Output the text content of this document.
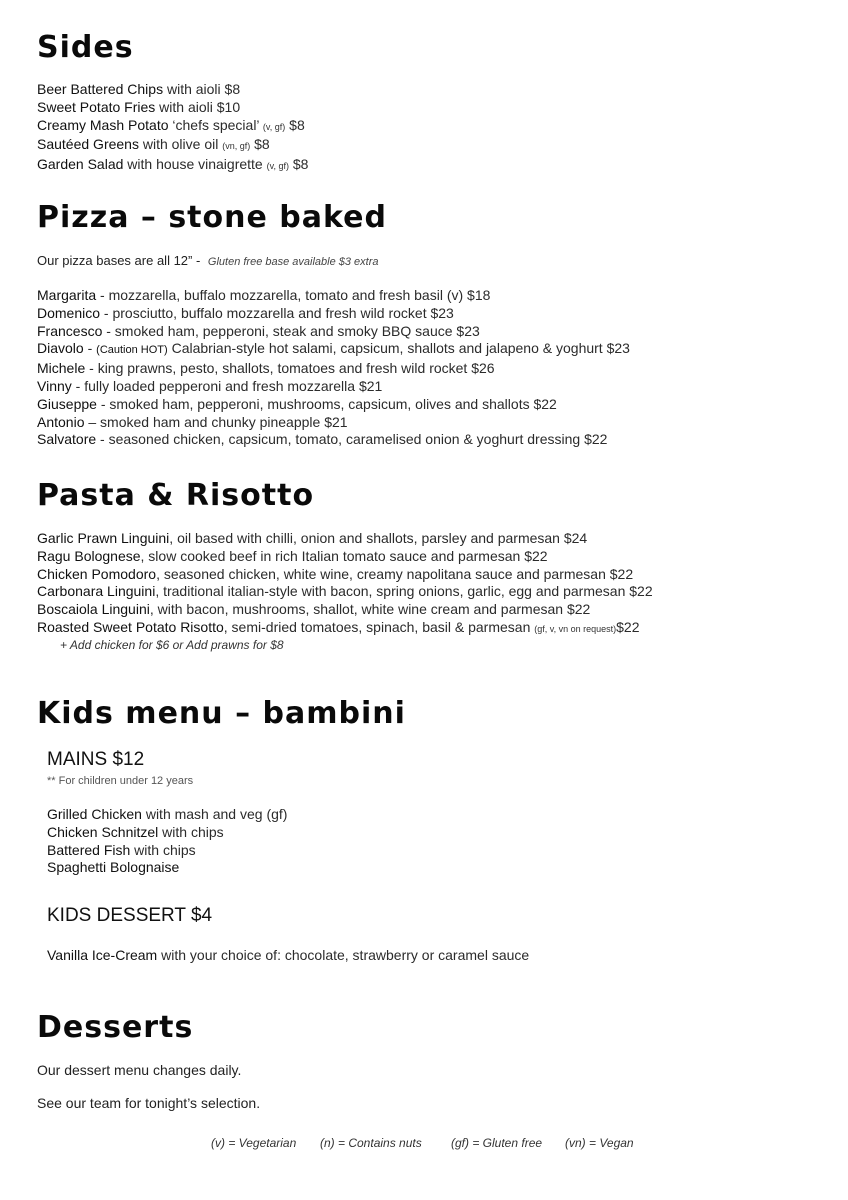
Sides
Beer Battered Chips with aioli $8
Sweet Potato Fries with aioli $10
Creamy Mash Potato ‘chefs special’ (v, gf) $8
Sautéed Greens with olive oil (vn, gf) $8
Garden Salad with house vinaigrette (v, gf) $8
Pizza – stone baked
Our pizza bases are all 12” - Gluten free base available $3 extra
Margarita - mozzarella, buffalo mozzarella, tomato and fresh basil (v) $18
Domenico - prosciutto, buffalo mozzarella and fresh wild rocket $23
Francesco - smoked ham, pepperoni, steak and smoky BBQ sauce $23
Diavolo - (Caution HOT) Calabrian-style hot salami, capsicum, shallots and jalapeno & yoghurt $23
Michele - king prawns, pesto, shallots, tomatoes and fresh wild rocket $26
Vinny - fully loaded pepperoni and fresh mozzarella $21
Giuseppe - smoked ham, pepperoni, mushrooms, capsicum, olives and shallots $22
Antonio – smoked ham and chunky pineapple $21
Salvatore - seasoned chicken, capsicum, tomato, caramelised onion & yoghurt dressing $22
Pasta & Risotto
Garlic Prawn Linguini, oil based with chilli, onion and shallots, parsley and parmesan $24
Ragu Bolognese, slow cooked beef in rich Italian tomato sauce and parmesan $22
Chicken Pomodoro, seasoned chicken, white wine, creamy napolitana sauce and parmesan $22
Carbonara Linguini, traditional italian-style with bacon, spring onions, garlic, egg and parmesan $22
Boscaiola Linguini, with bacon, mushrooms, shallot, white wine cream and parmesan $22
Roasted Sweet Potato Risotto, semi-dried tomatoes, spinach, basil & parmesan (gf, v, vn on request)$22
+ Add chicken for $6 or Add prawns for $8
Kids menu – bambini
MAINS $12
** For children under 12 years
Grilled Chicken with mash and veg (gf)
Chicken Schnitzel with chips
Battered Fish with chips
Spaghetti Bolognaise
KIDS DESSERT $4
Vanilla Ice-Cream with your choice of: chocolate, strawberry or caramel sauce
Desserts
Our dessert menu changes daily.
See our team for tonight’s selection.
(v) = Vegetarian (n) = Contains nuts (gf) = Gluten free (vn) = Vegan
